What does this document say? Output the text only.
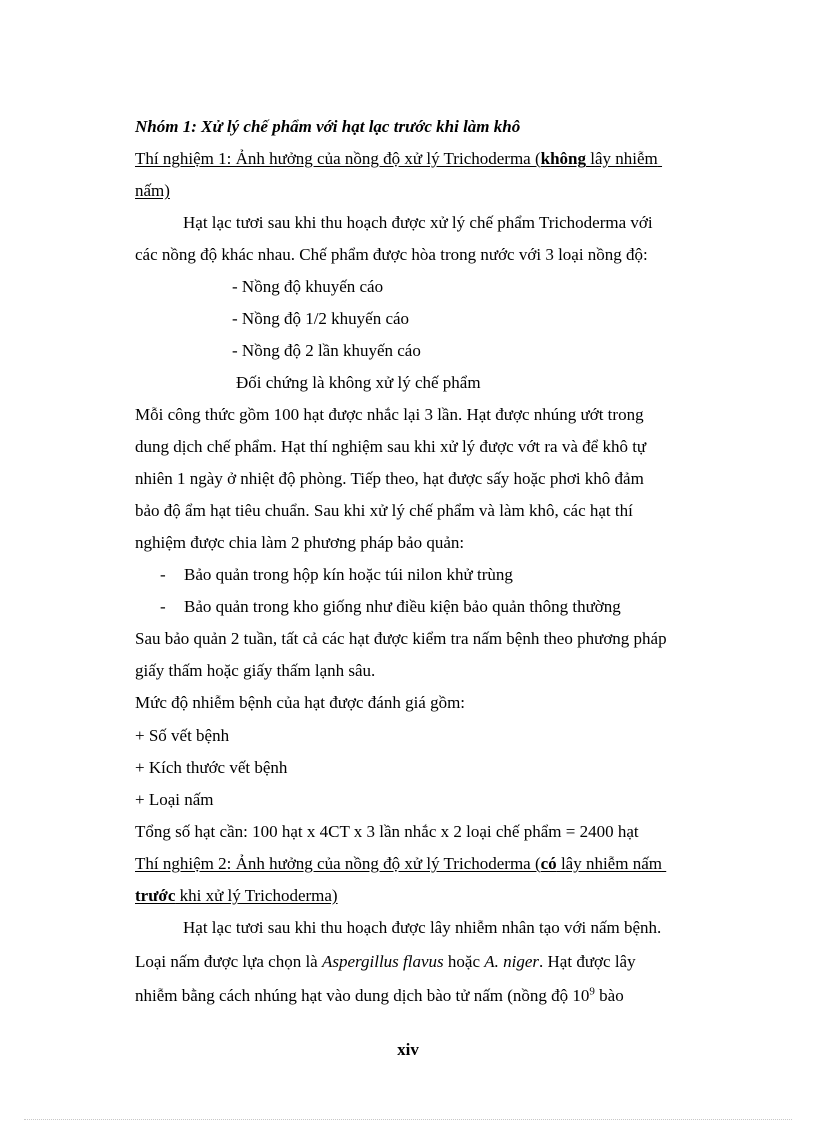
Nhóm 1: Xử lý chế phẩm với hạt lạc trước khi làm khô
Thí nghiệm 1: Ảnh hưởng của nồng độ xử lý Trichoderma (không lây nhiễm
nấm)
Hạt lạc tươi sau khi thu hoạch được xử lý chế phẩm Trichoderma với
các nồng độ khác nhau. Chế phẩm được hòa trong nước với 3 loại nồng độ:
- Nồng độ khuyến cáo
- Nồng độ 1/2 khuyến cáo
- Nồng độ 2 lần khuyến cáo
Đối chứng là không xử lý chế phẩm
Mỗi công thức gồm 100 hạt được nhắc lại 3 lần. Hạt được nhúng ướt trong
dung dịch chế phẩm. Hạt thí nghiệm sau khi xử lý được vớt ra và để khô tự
nhiên 1 ngày ở nhiệt độ phòng. Tiếp theo, hạt được sấy hoặc phơi khô đảm
bảo độ ẩm hạt tiêu chuẩn. Sau khi xử lý chế phẩm và làm khô, các hạt thí
nghiệm được chia làm 2 phương pháp bảo quản:
- Bảo quản trong hộp kín hoặc túi nilon khử trùng
- Bảo quản trong kho giống như điều kiện bảo quản thông thường
Sau bảo quản 2 tuần, tất cả các hạt được kiểm tra nấm bệnh theo phương pháp
giấy thấm hoặc giấy thấm lạnh sâu.
Mức độ nhiễm bệnh của hạt được đánh giá gồm:
+ Số vết bệnh
+ Kích thước vết bệnh
+ Loại nấm
Tổng số hạt cần: 100 hạt x 4CT x 3 lần nhắc x 2 loại chế phẩm = 2400 hạt
Thí nghiệm 2: Ảnh hưởng của nồng độ xử lý Trichoderma (có lây nhiễm nấm
trước khi xử lý Trichoderma)
Hạt lạc tươi sau khi thu hoạch được lây nhiễm nhân tạo với nấm bệnh.
Loại nấm được lựa chọn là Aspergillus flavus hoặc A. niger. Hạt được lây
nhiễm bằng cách nhúng hạt vào dung dịch bào tử nấm (nồng độ $10^9$ bào
xiv
